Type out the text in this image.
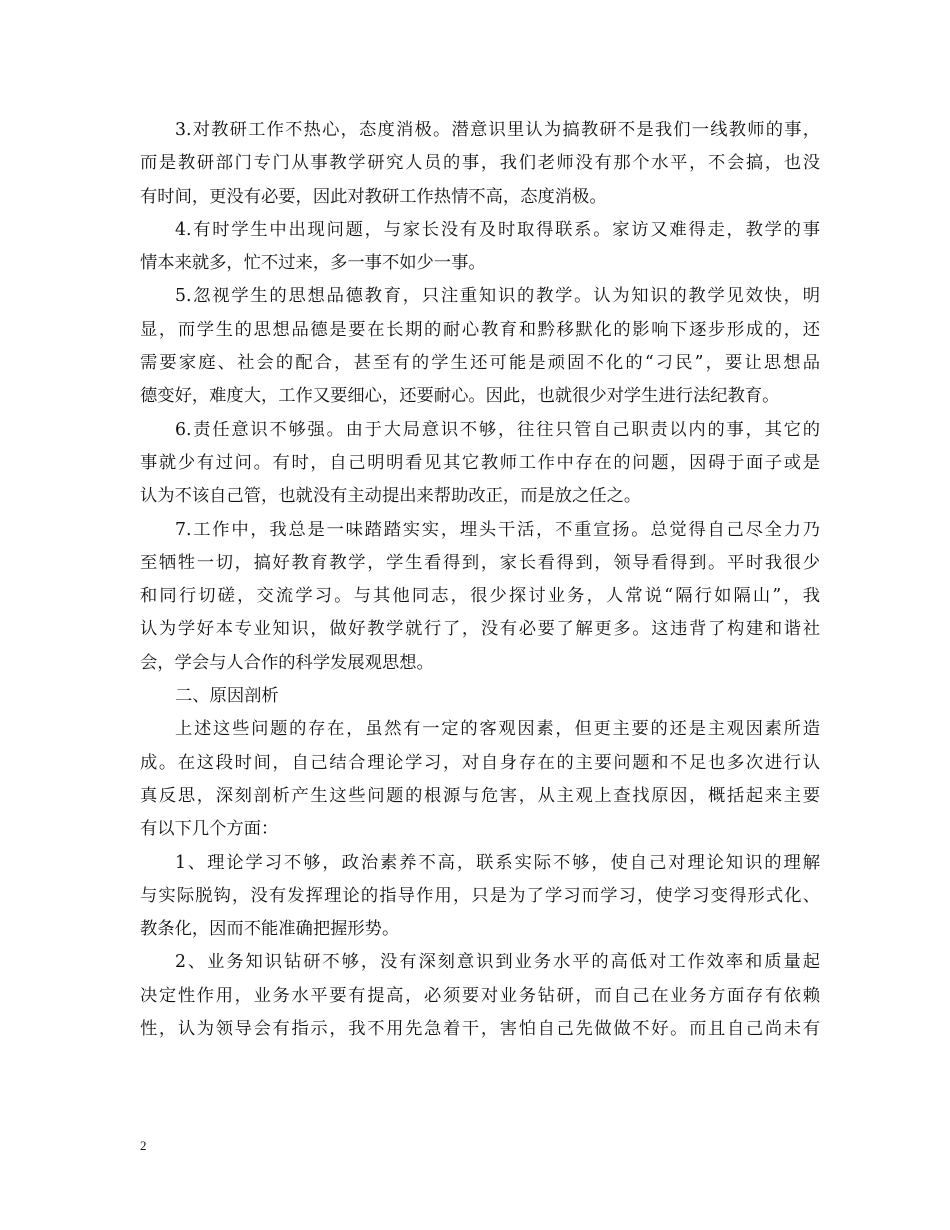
3.对教研工作不热心，态度消极。潜意识里认为搞教研不是我们一线教师的事，
而是教研部门专门从事教学研究人员的事，我们老师没有那个水平，不会搞，也没
有时间，更没有必要，因此对教研工作热情不高，态度消极。
4.有时学生中出现问题，与家长没有及时取得联系。家访又难得走，教学的事
情本来就多，忙不过来，多一事不如少一事。
5.忽视学生的思想品德教育，只注重知识的教学。认为知识的教学见效快，明
显，而学生的思想品德是要在长期的耐心教育和黔移默化的影响下逐步形成的，还
需要家庭、社会的配合，甚至有的学生还可能是顽固不化的“刁民”，要让思想品
德变好，难度大，工作又要细心，还要耐心。因此，也就很少对学生进行法纪教育。
6.责任意识不够强。由于大局意识不够，往往只管自己职责以内的事，其它的
事就少有过问。有时，自己明明看见其它教师工作中存在的问题，因碍于面子或是
认为不该自己管，也就没有主动提出来帮助改正，而是放之任之。
7.工作中，我总是一味踏踏实实，埋头干活，不重宣扬。总觉得自己尽全力乃
至牺牲一切，搞好教育教学，学生看得到，家长看得到，领导看得到。平时我很少
和同行切磋，交流学习。与其他同志，很少探讨业务，人常说“隔行如隔山”，我
认为学好本专业知识，做好教学就行了，没有必要了解更多。这违背了构建和谐社
会，学会与人合作的科学发展观思想。
二、原因剖析
上述这些问题的存在，虽然有一定的客观因素，但更主要的还是主观因素所造
成。在这段时间，自己结合理论学习，对自身存在的主要问题和不足也多次进行认
真反思，深刻剖析产生这些问题的根源与危害，从主观上查找原因，概括起来主要
有以下几个方面：
1、理论学习不够，政治素养不高，联系实际不够，使自己对理论知识的理解
与实际脱钩，没有发挥理论的指导作用，只是为了学习而学习，使学习变得形式化、
教条化，因而不能准确把握形势。
2、业务知识钻研不够，没有深刻意识到业务水平的高低对工作效率和质量起
决定性作用，业务水平要有提高，必须要对业务钻研，而自己在业务方面存有依赖
性，认为领导会有指示，我不用先急着干，害怕自己先做做不好。而且自己尚未有
2
